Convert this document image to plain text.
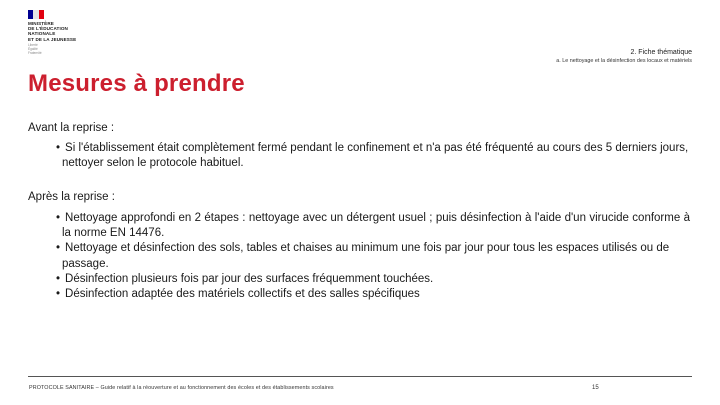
MINISTÈRE
DE L'ÉDUCATION
NATIONALE
ET DE LA JEUNESSE
Liberté
Égalité
Fraternité	2. Fiche thématique
a. Le nettoyage et la désinfection des locaux et matériels
Mesures à prendre
Avant la reprise :
• Si l'établissement était complètement fermé pendant le confinement et n'a pas été fréquenté au cours des 5 derniers jours, nettoyer selon le protocole habituel.
Après la reprise :
• Nettoyage approfondi en 2 étapes : nettoyage avec un détergent usuel ; puis désinfection à l'aide d'un virucide conforme à la norme EN 14476.
• Nettoyage et désinfection des sols, tables et chaises au minimum une fois par jour pour tous les espaces utilisés ou de passage.
• Désinfection plusieurs fois par jour des surfaces fréquemment touchées.
• Désinfection adaptée des matériels collectifs et des salles spécifiques
PROTOCOLE SANITAIRE – Guide relatif à la réouverture et au fonctionnement des écoles et des établissements scolaires	15
